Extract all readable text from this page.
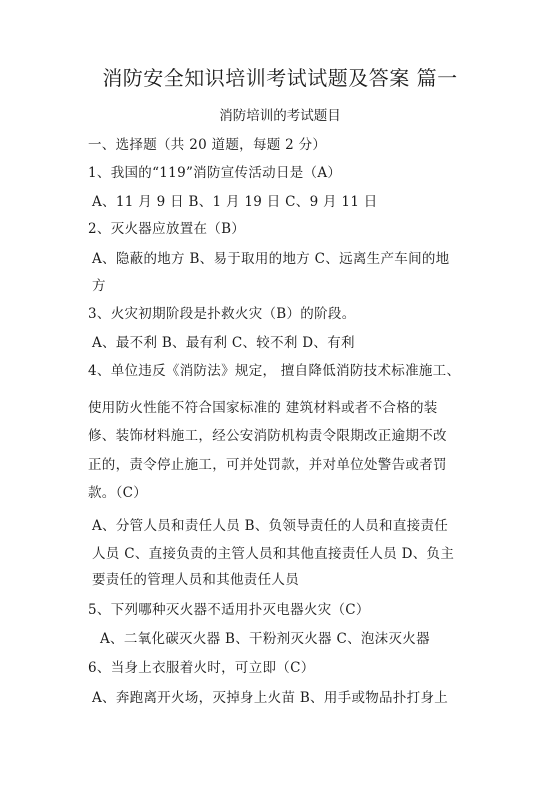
消防安全知识培训考试试题及答案 篇一
消防培训的考试题目
一、选择题（共 20 道题，每题 2 分）
1、我国的“119”消防宣传活动日是（A）
A、11 月 9 日 B、1 月 19 日 C、9 月 11 日
2、灭火器应放置在（B）
A、隐蔽的地方 B、易于取用的地方 C、远离生产车间的地
方
3、火灾初期阶段是扑救火灾（B）的阶段。
A、最不利 B、最有利 C、较不利 D、有利
4、单位违反《消防法》规定， 擅自降低消防技术标准施工、
使用防火性能不符合国家标准的 建筑材料或者不合格的装
修、装饰材料施工，经公安消防机构责令限期改正逾期不改
正的，责令停止施工，可并处罚款，并对单位处警告或者罚
款。（C）
A、分管人员和责任人员 B、负领导责任的人员和直接责任
人员 C、直接负责的主管人员和其他直接责任人员 D、负主
要责任的管理人员和其他责任人员
5、下列哪种灭火器不适用扑灭电器火灾（C）
A、二氧化碳灭火器 B、干粉剂灭火器 C、泡沫灭火器
6、当身上衣服着火时，可立即（C）
A、奔跑离开火场，灭掉身上火苗 B、用手或物品扑打身上
